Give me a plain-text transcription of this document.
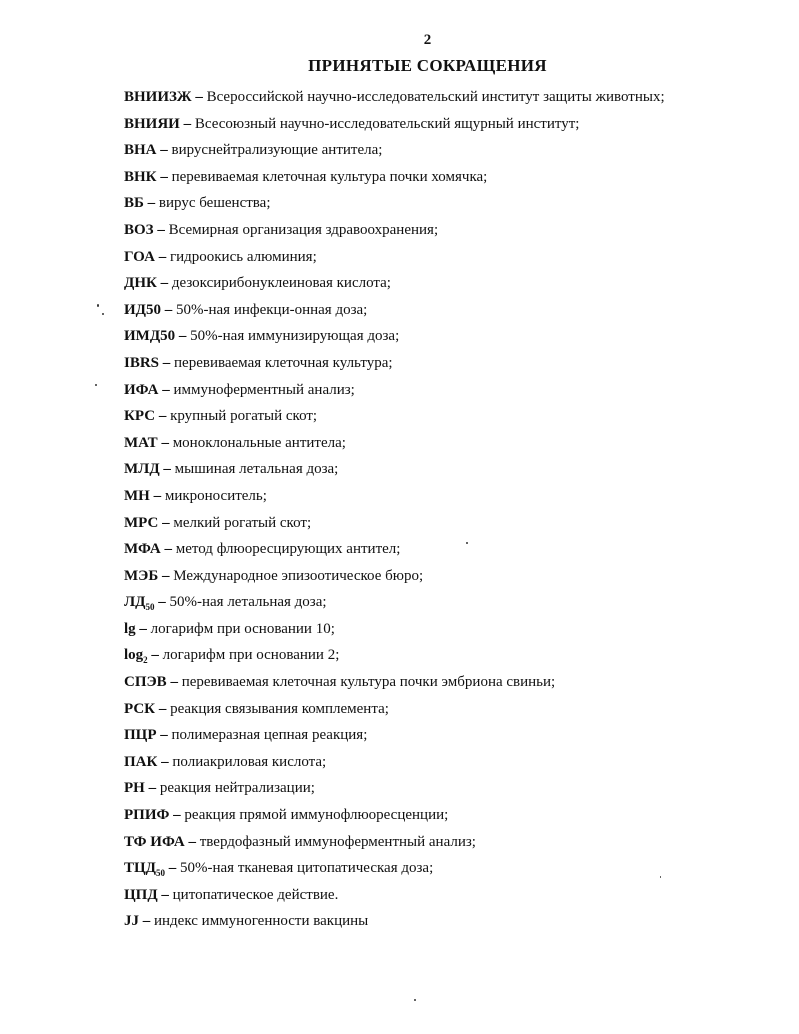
2
ПРИНЯТЫЕ СОКРАЩЕНИЯ
ВНИИЗЖ – Всероссийской научно-исследовательский институт защиты животных;
ВНИЯИ – Всесоюзный научно-исследовательский ящурный институт;
ВНА – вируснейтрализующие антитела;
ВНК – перевиваемая клеточная культура почки хомячка;
ВБ – вирус бешенства;
ВОЗ – Всемирная организация здравоохранения;
ГОА – гидроокись алюминия;
ДНК – дезоксирибонуклеиновая кислота;
ИД50 – 50%-ная инфекци-онная доза;
ИМД50 – 50%-ная иммунизирующая доза;
IBRS – перевиваемая клеточная культура;
ИФА – иммуноферментный анализ;
КРС – крупный рогатый скот;
МАТ – моноклональные антитела;
МЛД – мышиная летальная доза;
МН – микроноситель;
МРС – мелкий рогатый скот;
МФА – метод флюоресцирующих антител;
МЭБ – Международное эпизоотическое бюро;
$ЛД_{50} - 50\%-ная$ летальная доза;
lg – логарифм при основании 10;
$\log_2$ – логарифм при основании 2;
СПЭВ – перевиваемая клеточная культура почки эмбриона свиньи;
РСК – реакция связывания комплемента;
ПЦР – полимеразная цепная реакция;
ПАК – полиакриловая кислота;
РН – реакция нейтрализации;
РПИФ – реакция прямой иммунофлюоресценции;
ТФ ИФА – твердофазный иммуноферментный анализ;
$ТЦД_{50} - 50\%-ная$ тканевая цитопатическая доза;
ЦПД – цитопатическое действие.
JJ – индекс иммуногенности вакцины
